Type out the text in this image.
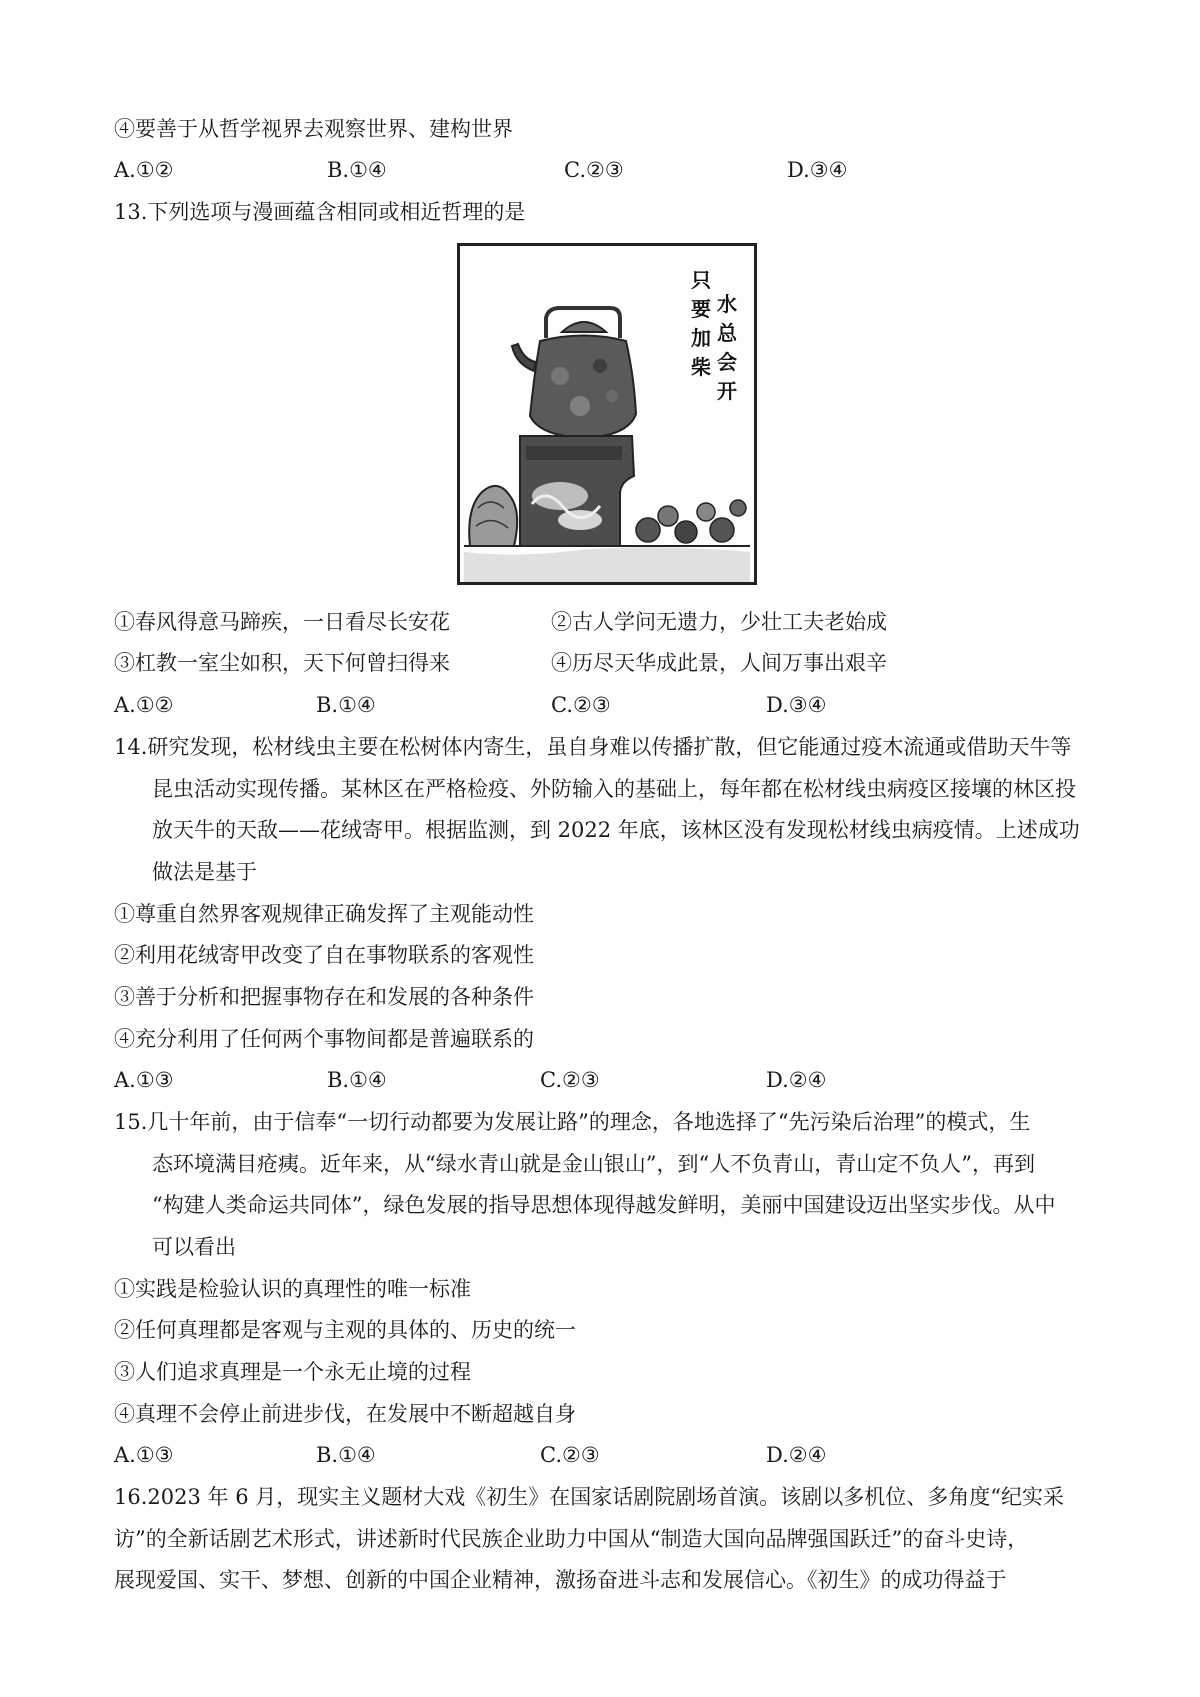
④要善于从哲学视界去观察世界、建构世界
A.①②	B.①④	C.②③	D.③④
13.下列选项与漫画蕴含相同或相近哲理的是
只要加柴
水总会开
①春风得意马蹄疾，一日看尽长安花	②古人学问无遗力，少壮工夫老始成
③杠教一室尘如积，天下何曾扫得来	④历尽天华成此景，人间万事出艰辛
A.①②	B.①④	C.②③	D.③④
14.研究发现，松材线虫主要在松树体内寄生，虽自身难以传播扩散，但它能通过疫木流通或借助天牛等
昆虫活动实现传播。某林区在严格检疫、外防输入的基础上，每年都在松材线虫病疫区接壤的林区投
放天牛的天敌——花绒寄甲。根据监测，到 2022 年底，该林区没有发现松材线虫病疫情。上述成功
做法是基于
①尊重自然界客观规律正确发挥了主观能动性
②利用花绒寄甲改变了自在事物联系的客观性
③善于分析和把握事物存在和发展的各种条件
④充分利用了任何两个事物间都是普遍联系的
A.①③	B.①④	C.②③	D.②④
15.几十年前，由于信奉“一切行动都要为发展让路”的理念，各地选择了“先污染后治理”的模式，生
态环境满目疮痍。近年来，从“绿水青山就是金山银山”，到“人不负青山，青山定不负人”，再到
“构建人类命运共同体”，绿色发展的指导思想体现得越发鲜明，美丽中国建设迈出坚实步伐。从中
可以看出
①实践是检验认识的真理性的唯一标准
②任何真理都是客观与主观的具体的、历史的统一
③人们追求真理是一个永无止境的过程
④真理不会停止前进步伐，在发展中不断超越自身
A.①③	B.①④	C.②③	D.②④
16.2023 年 6 月，现实主义题材大戏《初生》在国家话剧院剧场首演。该剧以多机位、多角度“纪实采
访”的全新话剧艺术形式，讲述新时代民族企业助力中国从“制造大国向品牌强国跃迁”的奋斗史诗，
展现爱国、实干、梦想、创新的中国企业精神，激扬奋进斗志和发展信心。《初生》的成功得益于
